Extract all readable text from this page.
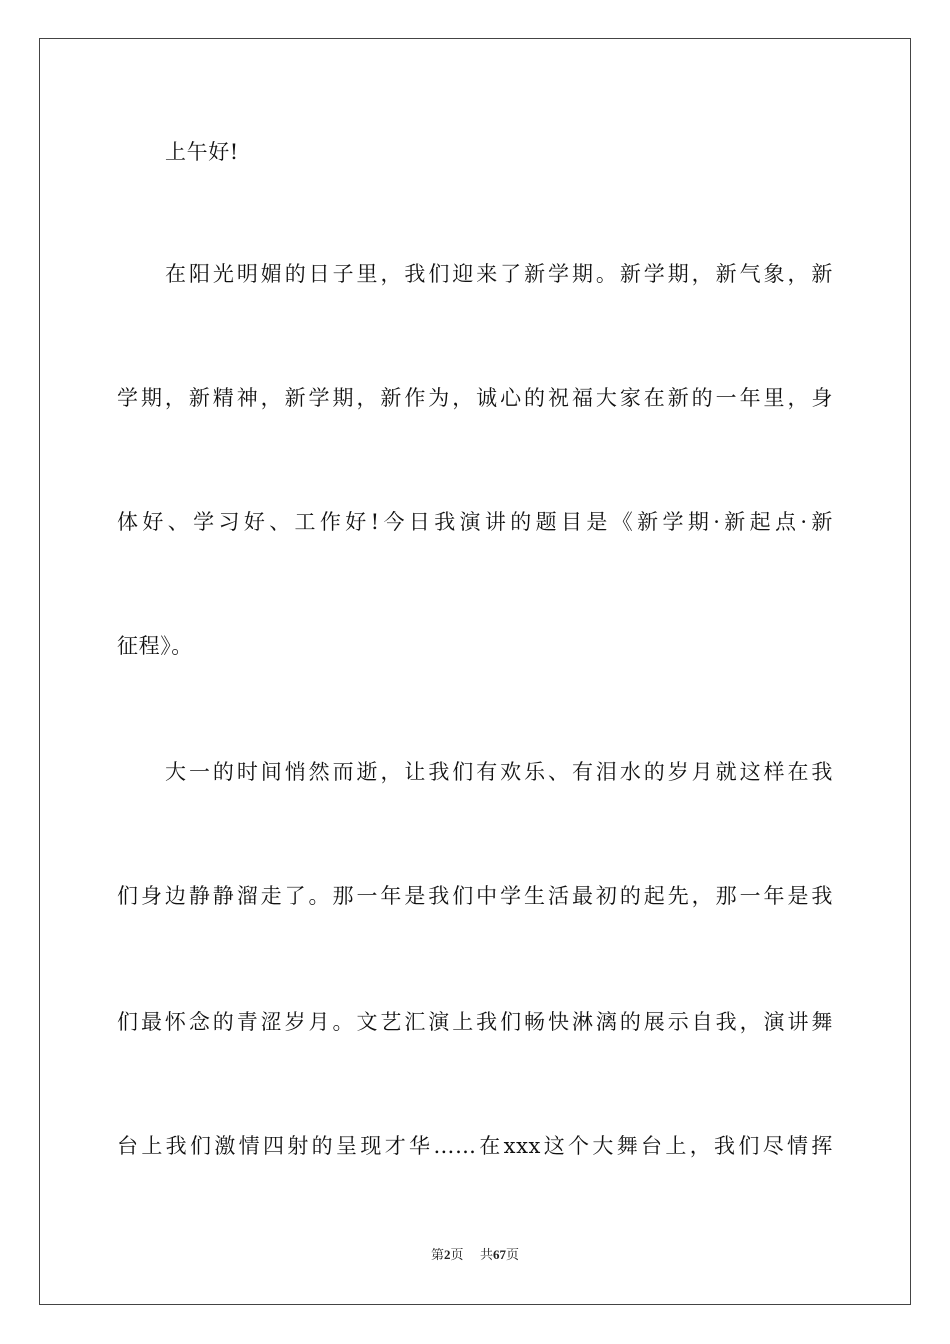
上午好!
在阳光明媚的日子里，我们迎来了新学期。新学期，新气象，新
学期，新精神，新学期，新作为，诚心的祝福大家在新的一年里，身
体好、学习好、工作好!今日我演讲的题目是《新学期·新起点·新
征程》。
大一的时间悄然而逝，让我们有欢乐、有泪水的岁月就这样在我
们身边静静溜走了。那一年是我们中学生活最初的起先，那一年是我
们最怀念的青涩岁月。文艺汇演上我们畅快淋漓的展示自我，演讲舞
台上我们激情四射的呈现才华……在xxx这个大舞台上，我们尽情挥
第2页 共67页
